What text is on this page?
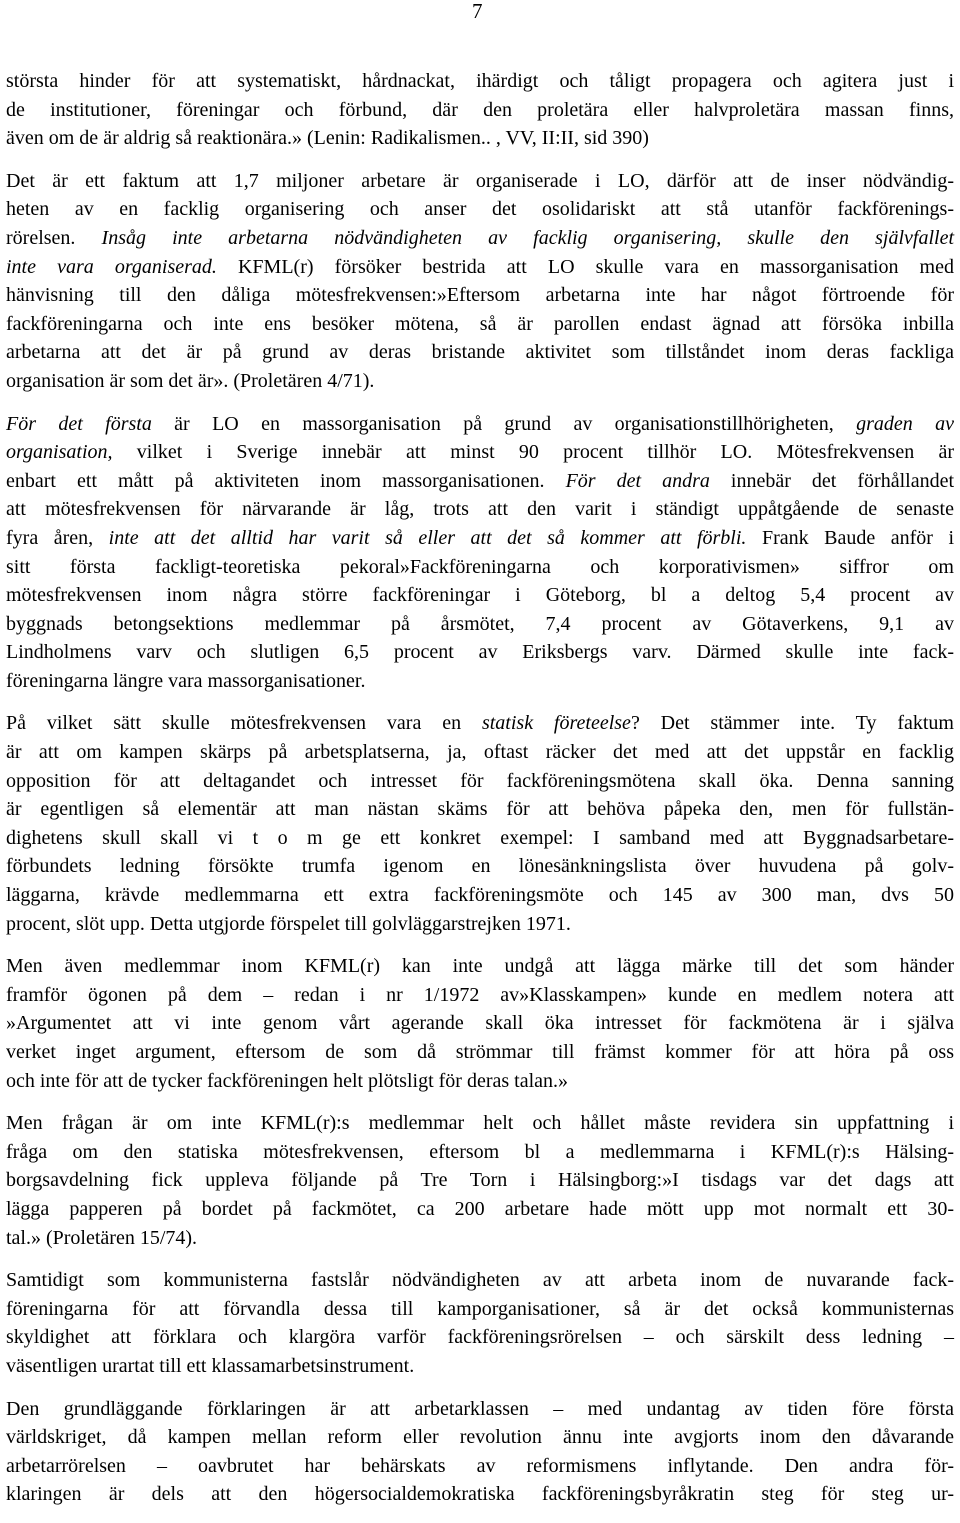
7
största hinder för att systematiskt, hårdnackat, ihärdigt och tåligt propagera och agitera just i
de institutioner, föreningar och förbund, där den proletära eller halvproletära massan finns,
även om de är aldrig så reaktionära.» (Lenin: Radikalismen.. , VV, II:II, sid 390)
Det är ett faktum att 1,7 miljoner arbetare är organiserade i LO, därför att de inser nödvändig-
heten av en facklig organisering och anser det osolidariskt att stå utanför fackförenings-
rörelsen. Insåg inte arbetarna nödvändigheten av facklig organisering, skulle den självfallet
inte vara organiserad. KFML(r) försöker bestrida att LO skulle vara en massorganisation med
hänvisning till den dåliga mötesfrekvensen:»Eftersom arbetarna inte har något förtroende för
fackföreningarna och inte ens besöker mötena, så är parollen endast ägnad att försöka inbilla
arbetarna att det är på grund av deras bristande aktivitet som tillståndet inom deras fackliga
organisation är som det är». (Proletären 4/71).
För det första är LO en massorganisation på grund av organisationstillhörigheten, graden av
organisation, vilket i Sverige innebär att minst 90 procent tillhör LO. Mötesfrekvensen är
enbart ett mått på aktiviteten inom massorganisationen. För det andra innebär det förhållandet
att mötesfrekvensen för närvarande är låg, trots att den varit i ständigt uppåtgående de senaste
fyra åren, inte att det alltid har varit så eller att det så kommer att förbli. Frank Baude anför i
sitt första fackligt-teoretiska pekoral»Fackföreningarna och korporativismen» siffror om
mötesfrekvensen inom några större fackföreningar i Göteborg, bl a deltog 5,4 procent av
byggnads betongsektions medlemmar på årsmötet, 7,4 procent av Götaverkens, 9,1 av
Lindholmens varv och slutligen 6,5 procent av Eriksbergs varv. Därmed skulle inte fack-
föreningarna längre vara massorganisationer.
På vilket sätt skulle mötesfrekvensen vara en statisk företeelse? Det stämmer inte. Ty faktum
är att om kampen skärps på arbetsplatserna, ja, oftast räcker det med att det uppstår en facklig
opposition för att deltagandet och intresset för fackföreningsmötena skall öka. Denna sanning
är egentligen så elementär att man nästan skäms för att behöva påpeka den, men för fullstän-
dighetens skull skall vi t o m ge ett konkret exempel: I samband med att Byggnadsarbetare-
förbundets ledning försökte trumfa igenom en lönesänkningslista över huvudena på golv-
läggarna, krävde medlemmarna ett extra fackföreningsmöte och 145 av 300 man, dvs 50
procent, slöt upp. Detta utgjorde förspelet till golvläggarstrejken 1971.
Men även medlemmar inom KFML(r) kan inte undgå att lägga märke till det som händer
framför ögonen på dem – redan i nr 1/1972 av»Klasskampen» kunde en medlem notera att
»Argumentet att vi inte genom vårt agerande skall öka intresset för fackmötena är i själva
verket inget argument, eftersom de som då strömmar till främst kommer för att höra på oss
och inte för att de tycker fackföreningen helt plötsligt för deras talan.»
Men frågan är om inte KFML(r):s medlemmar helt och hållet måste revidera sin uppfattning i
fråga om den statiska mötesfrekvensen, eftersom bl a medlemmarna i KFML(r):s Hälsing-
borgsavdelning fick uppleva följande på Tre Torn i Hälsingborg:»I tisdags var det dags att
lägga papperen på bordet på fackmötet, ca 200 arbetare hade mött upp mot normalt ett 30-
tal.» (Proletären 15/74).
Samtidigt som kommunisterna fastslår nödvändigheten av att arbeta inom de nuvarande fack-
föreningarna för att förvandla dessa till kamporganisationer, så är det också kommunisternas
skyldighet att förklara och klargöra varför fackföreningsrörelsen – och särskilt dess ledning –
väsentligen urartat till ett klassamarbetsinstrument.
Den grundläggande förklaringen är att arbetarklassen – med undantag av tiden före första
världskriget, då kampen mellan reform eller revolution ännu inte avgjorts inom den dåvarande
arbetarrörelsen – oavbrutet har behärskats av reformismens inflytande. Den andra för-
klaringen är dels att den högersocialdemokratiska fackföreningsbyråkratin steg för steg ur-
